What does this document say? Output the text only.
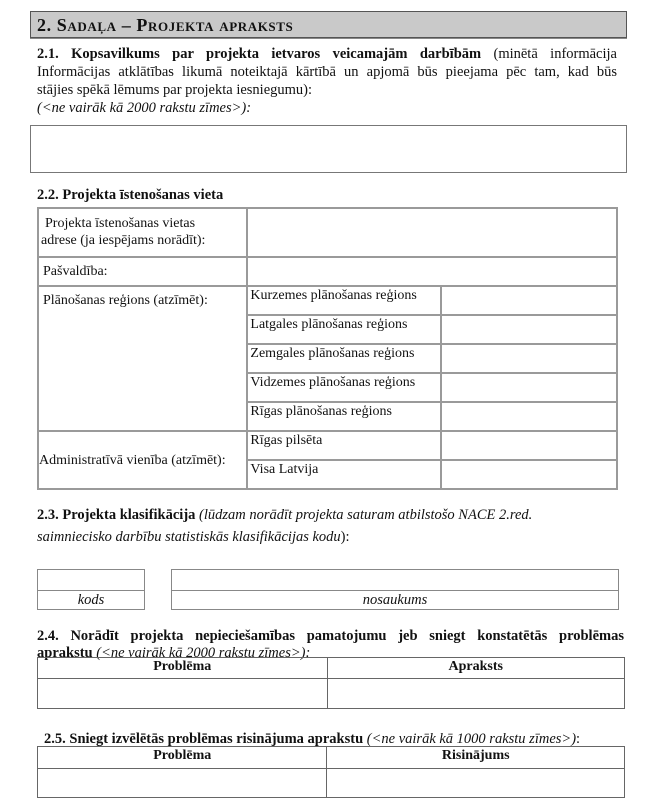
2. Sadaļa – Projekta apraksts
2.1. Kopsavilkums par projekta ietvaros veicamajām darbībām (minētā informācija
Informācijas atklātības likumā noteiktajā kārtībā un apjomā būs pieejama pēc tam, kad būs
stājies spēkā lēmums par projekta iesniegumu):
(<ne vairāk kā 2000 rakstu zīmes>):
2.2. Projekta īstenošanas vieta
Projekta īstenošanas vietas
adrese (ja iespējams norādīt):		

Pašvaldība:		
Plānošanas reģions (atzīmēt):	Kurzemes plānošanas reģions	
	Latgales plānošanas reģions	
	Zemgales plānošanas reģions	
	Vidzemes plānošanas reģions	
	Rīgas plānošanas reģions	
Administratīvā vienība (atzīmēt):	Rīgas pilsēta	
	Visa Latvija	
2.3. Projekta klasifikācija (lūdzam norādīt projekta saturam atbilstošo NACE 2.red.
saimniecisko darbību statistiskās klasifikācijas kodu):
kods	nosaukums
2.4. Norādīt projekta nepieciešamības pamatojumu jeb sniegt konstatētās problēmas
aprakstu (<ne vairāk kā 2000 rakstu zīmes>):
Problēma	Apraksts

2.5. Sniegt izvēlētās problēmas risinājuma aprakstu (<ne vairāk kā 1000 rakstu zīmes>):
Problēma	Risinājums
